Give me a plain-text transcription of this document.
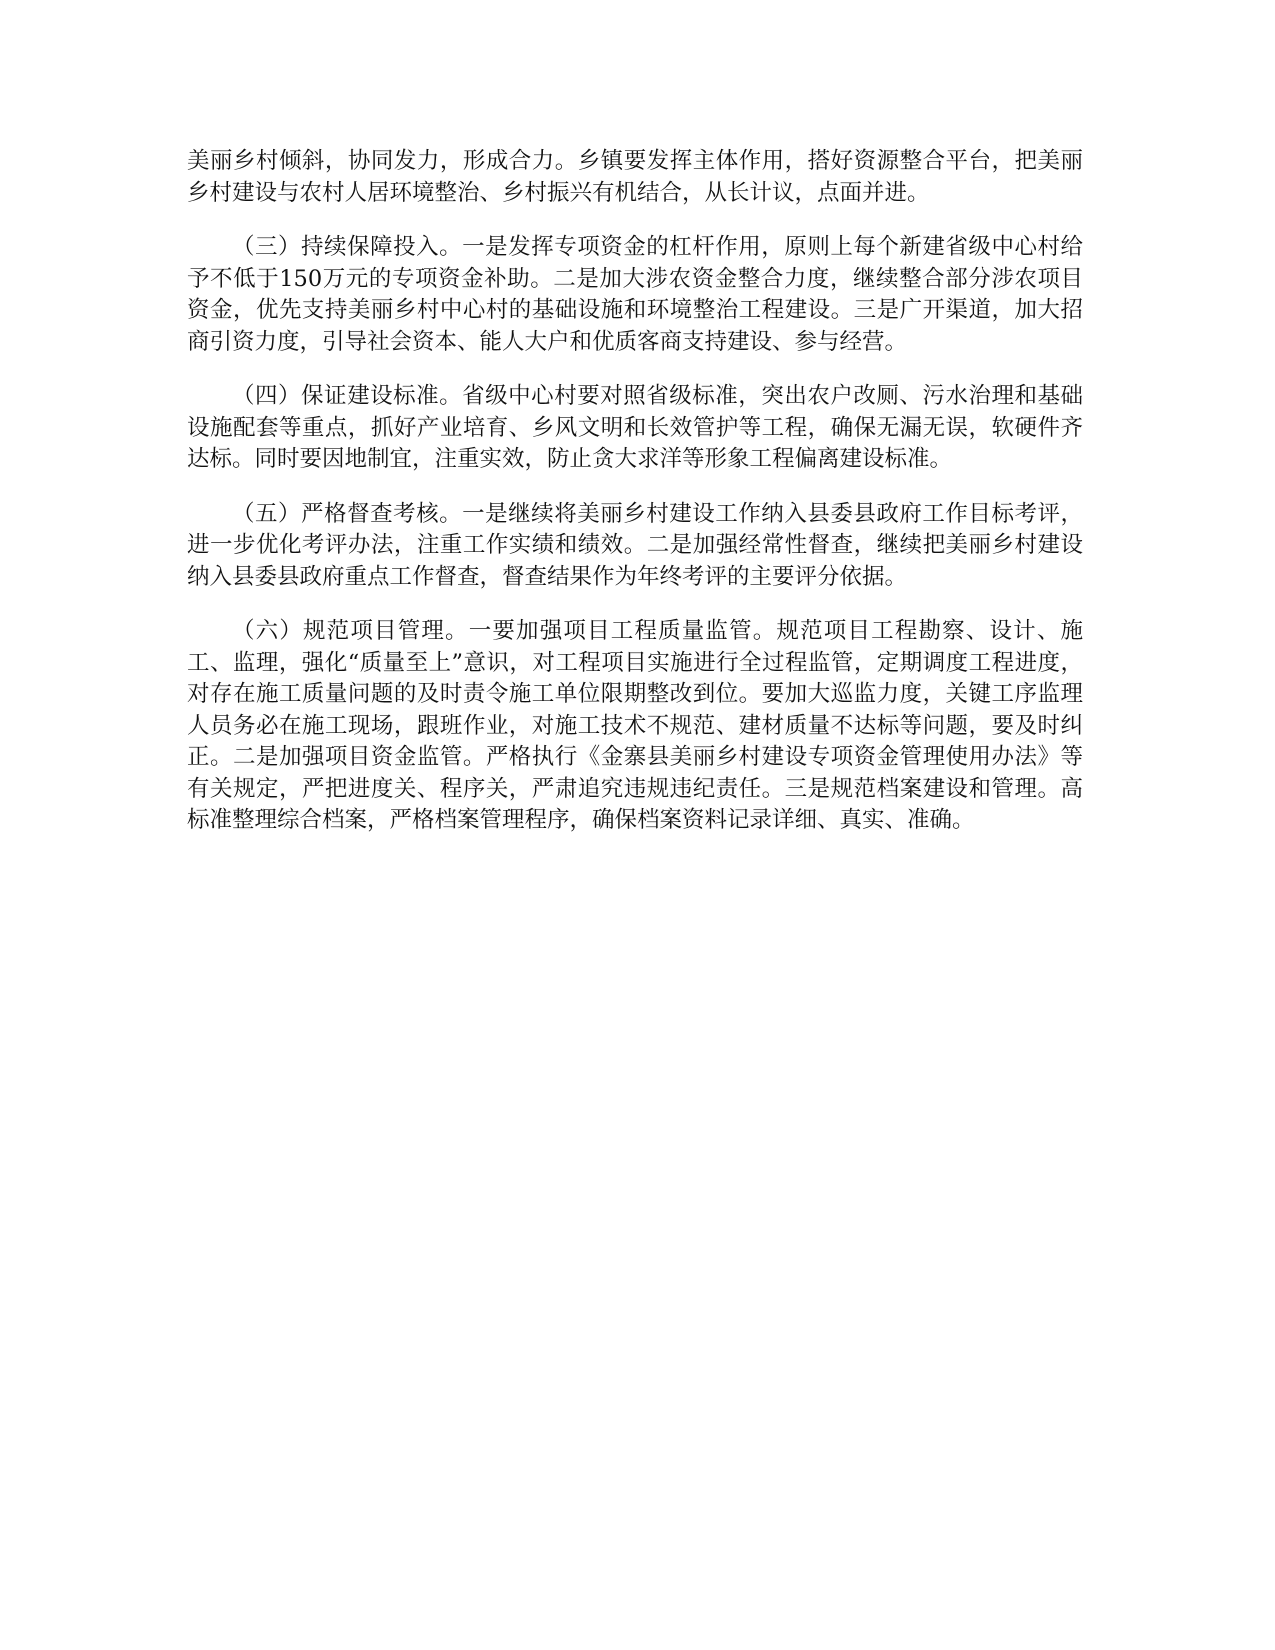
美丽乡村倾斜，协同发力，形成合力。乡镇要发挥主体作用，搭好资源整合平台，把美丽乡村建设与农村人居环境整治、乡村振兴有机结合，从长计议，点面并进。

（三）持续保障投入。一是发挥专项资金的杠杆作用，原则上每个新建省级中心村给予不低于150万元的专项资金补助。二是加大涉农资金整合力度，继续整合部分涉农项目资金，优先支持美丽乡村中心村的基础设施和环境整治工程建设。三是广开渠道，加大招商引资力度，引导社会资本、能人大户和优质客商支持建设、参与经营。

（四）保证建设标准。省级中心村要对照省级标准，突出农户改厕、污水治理和基础设施配套等重点，抓好产业培育、乡风文明和长效管护等工程，确保无漏无误，软硬件齐达标。同时要因地制宜，注重实效，防止贪大求洋等形象工程偏离建设标准。

（五）严格督查考核。一是继续将美丽乡村建设工作纳入县委县政府工作目标考评，进一步优化考评办法，注重工作实绩和绩效。二是加强经常性督查，继续把美丽乡村建设纳入县委县政府重点工作督查，督查结果作为年终考评的主要评分依据。

（六）规范项目管理。一要加强项目工程质量监管。规范项目工程勘察、设计、施工、监理，强化“质量至上”意识，对工程项目实施进行全过程监管，定期调度工程进度，对存在施工质量问题的及时责令施工单位限期整改到位。要加大巡监力度，关键工序监理人员务必在施工现场，跟班作业，对施工技术不规范、建材质量不达标等问题，要及时纠正。二是加强项目资金监管。严格执行《金寨县美丽乡村建设专项资金管理使用办法》等有关规定，严把进度关、程序关，严肃追究违规违纪责任。三是规范档案建设和管理。高标准整理综合档案，严格档案管理程序，确保档案资料记录详细、真实、准确。
